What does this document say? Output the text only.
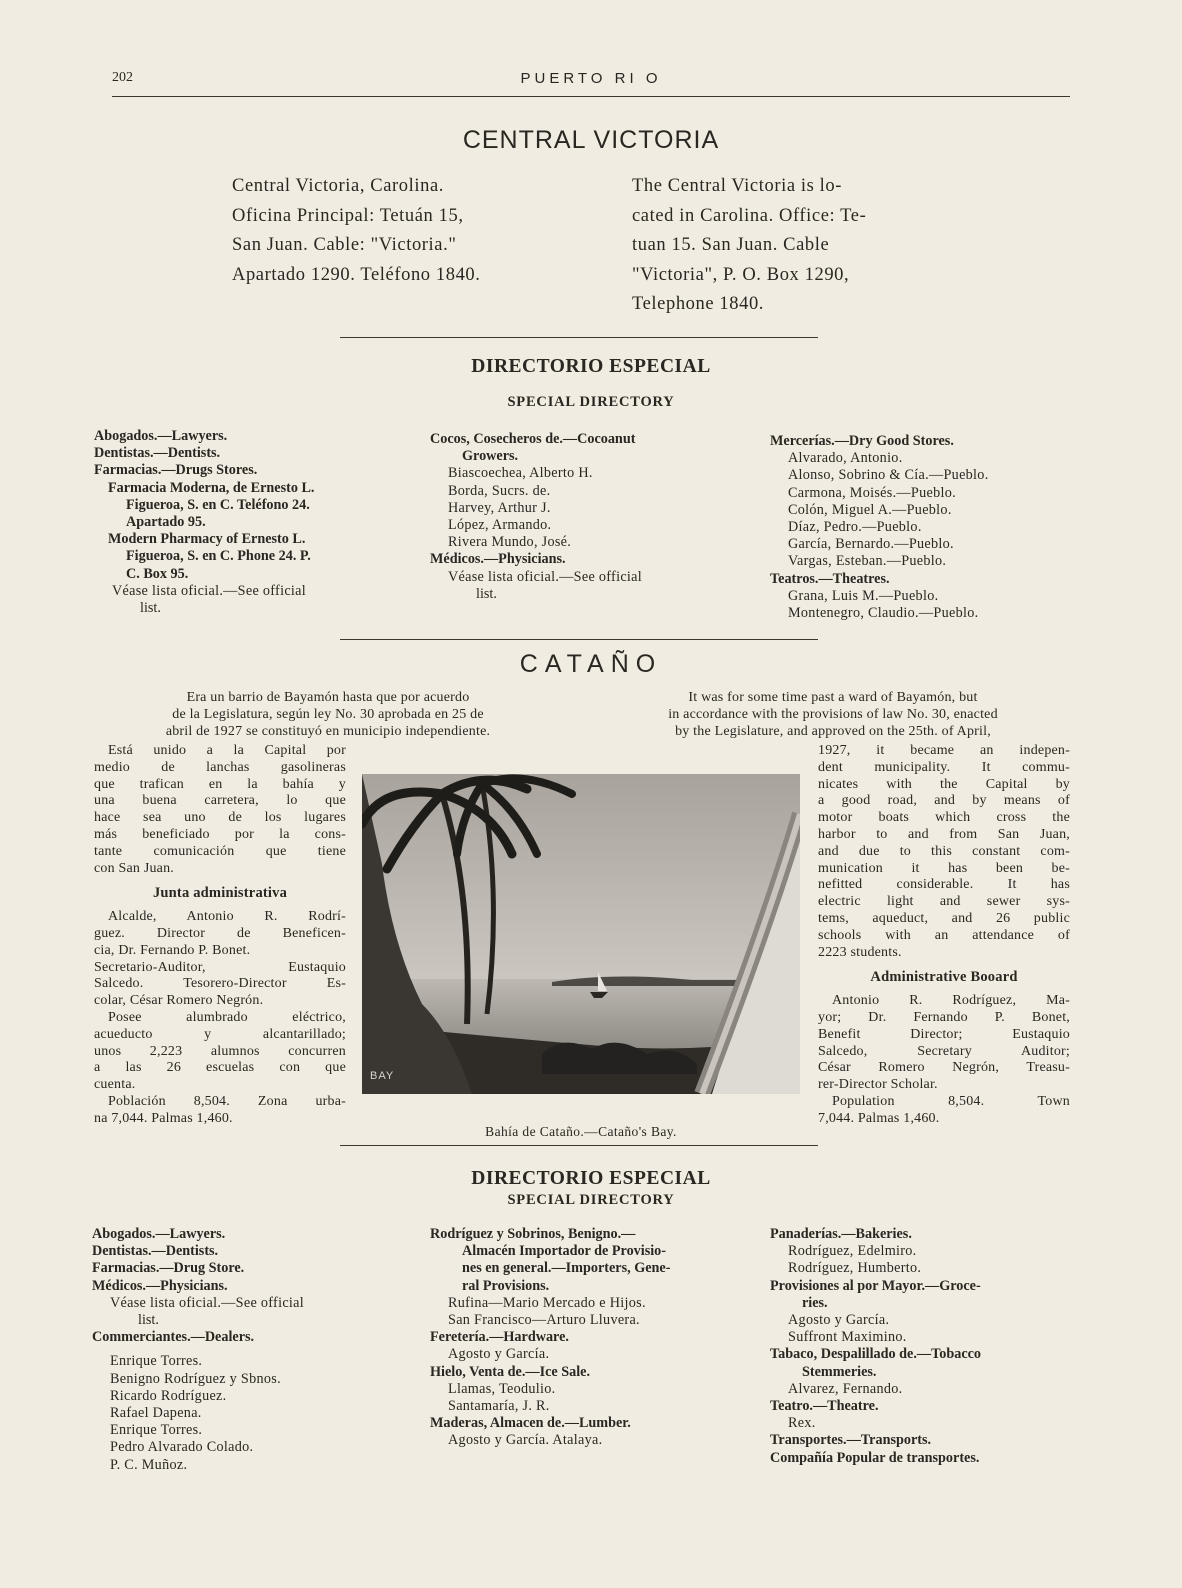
202	PUERTO RI O
CENTRAL VICTORIA
Central Victoria, Carolina.
Oficina Principal: Tetuán 15,
San Juan. Cable: "Victoria."
Apartado 1290. Teléfono 1840.
The Central Victoria is lo-
cated in Carolina. Office: Te-
tuan 15. San Juan. Cable
"Victoria", P. O. Box 1290,
Telephone 1840.
DIRECTORIO ESPECIAL
SPECIAL DIRECTORY
Abogados.—Lawyers.
Dentistas.—Dentists.
Farmacias.—Drugs Stores.
Farmacia Moderna, de Ernesto L.
Figueroa, S. en C. Teléfono 24.
Apartado 95.
Modern Pharmacy of Ernesto L.
Figueroa, S. en C. Phone 24. P.
C. Box 95.
Véase lista oficial.—See official
list.
Cocos, Cosecheros de.—Cocoanut
Growers.
Biascoechea, Alberto H.
Borda, Sucrs. de.
Harvey, Arthur J.
López, Armando.
Rivera Mundo, José.
Médicos.—Physicians.
Véase lista oficial.—See official
list.
Mercerías.—Dry Good Stores.
Alvarado, Antonio.
Alonso, Sobrino & Cía.—Pueblo.
Carmona, Moisés.—Pueblo.
Colón, Miguel A.—Pueblo.
Díaz, Pedro.—Pueblo.
García, Bernardo.—Pueblo.
Vargas, Esteban.—Pueblo.
Teatros.—Theatres.
Grana, Luis M.—Pueblo.
Montenegro, Claudio.—Pueblo.
CATAÑO
Era un barrio de Bayamón hasta que por acuerdo
de la Legislatura, según ley No. 30 aprobada en 25 de
abril de 1927 se constituyó en municipio independiente.
It was for some time past a ward of Bayamón, but
in accordance with the provisions of law No. 30, enacted
by the Legislature, and approved on the 25th. of April,
Está unido a la Capital por
medio de lanchas gasolineras
que trafican en la bahía y
una buena carretera, lo que
hace sea uno de los lugares
más beneficiado por la cons-
tante comunicación que tiene
con San Juan.
Junta administrativa
Alcalde, Antonio R. Rodrí-
guez. Director de Beneficen-
cia, Dr. Fernando P. Bonet.
Secretario-Auditor, Eustaquio
Salcedo. Tesorero-Director Es-
colar, César Romero Negrón.
Posee alumbrado eléctrico,
acueducto y alcantarillado;
unos 2,223 alumnos concurren
a las 26 escuelas con que
cuenta.
Población 8,504. Zona urba-
na 7,044. Palmas 1,460.
1927, it became an indepen-
dent municipality. It commu-
nicates with the Capital by
a good road, and by means of
motor boats which cross the
harbor to and from San Juan,
and due to this constant com-
munication it has been be-
nefitted considerable. It has
electric light and sewer sys-
tems, aqueduct, and 26 public
schools with an attendance of
2223 students.
Administrative Booard
Antonio R. Rodríguez, Ma-
yor; Dr. Fernando P. Bonet,
Benefit Director; Eustaquio
Salcedo, Secretary Auditor;
César Romero Negrón, Treasu-
rer-Director Scholar.
Population 8,504. Town
7,044. Palmas 1,460.
BAY
Bahía de Cataño.—Cataño's Bay.
DIRECTORIO ESPECIAL
SPECIAL DIRECTORY
Abogados.—Lawyers.
Dentistas.—Dentists.
Farmacias.—Drug Store.
Médicos.—Physicians.
Véase lista oficial.—See official
list.
Commerciantes.—Dealers.
Enrique Torres.
Benigno Rodríguez y Sbnos.
Ricardo Rodríguez.
Rafael Dapena.
Enrique Torres.
Pedro Alvarado Colado.
P. C. Muñoz.
Rodríguez y Sobrinos, Benigno.—
Almacén Importador de Provisio-
nes en general.—Importers, Gene-
ral Provisions.
Rufina—Mario Mercado e Hijos.
San Francisco—Arturo Lluvera.
Feretería.—Hardware.
Agosto y García.
Hielo, Venta de.—Ice Sale.
Llamas, Teodulio.
Santamaría, J. R.
Maderas, Almacen de.—Lumber.
Agosto y García. Atalaya.
Panaderías.—Bakeries.
Rodríguez, Edelmiro.
Rodríguez, Humberto.
Provisiones al por Mayor.—Groce-
ries.
Agosto y García.
Suffront Maximino.
Tabaco, Despalillado de.—Tobacco
Stemmeries.
Alvarez, Fernando.
Teatro.—Theatre.
Rex.
Transportes.—Transports.
Compañía Popular de transportes.
